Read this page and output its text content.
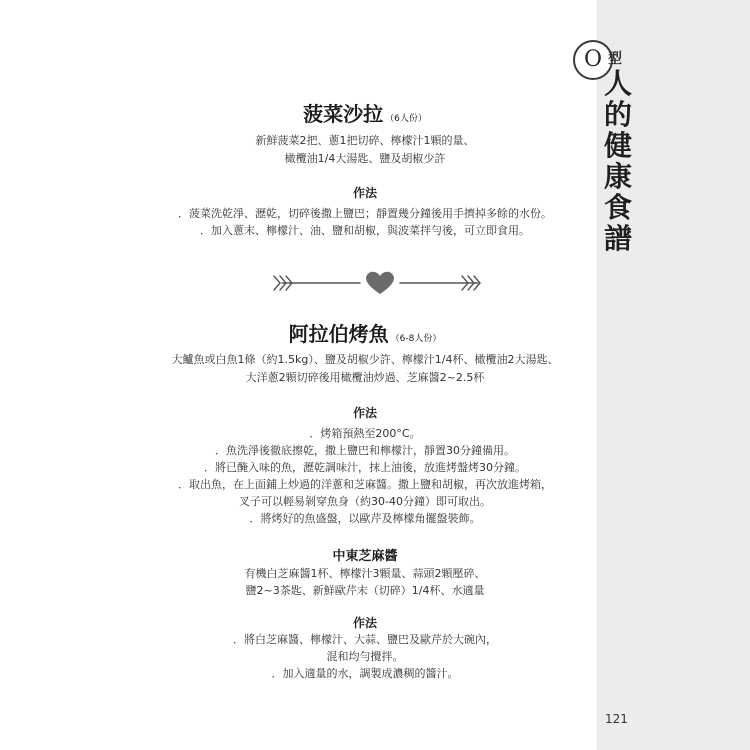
O 型
人
的
健
康
食
譜
121
菠菜沙拉 （6人份）
新鮮菠菜2把、蔥1把切碎、檸檬汁1顆的量、
橄欖油1/4大湯匙、鹽及胡椒少許
作法
．菠菜洗乾淨、瀝乾，切碎後撒上鹽巴；靜置幾分鐘後用手擠掉多餘的水份。
．加入蔥末、檸檬汁、油、鹽和胡椒，與波菜拌勻後，可立即食用。
阿拉伯烤魚 （6-8人份）
大鱸魚或白魚1條（約1.5kg）、鹽及胡椒少許、檸檬汁1/4杯、橄欖油2大湯匙、
大洋蔥2顆切碎後用橄欖油炒過、芝麻醬2~2.5杯
作法
．烤箱預熱至200°C。
．魚洗淨後徹底擦乾，撒上鹽巴和檸檬汁，靜置30分鐘備用。
．將已醃入味的魚，瀝乾調味汁，抹上油後，放進烤盤烤30分鐘。
．取出魚，在上面鋪上炒過的洋蔥和芝麻醬。撒上鹽和胡椒，再次放進烤箱，
叉子可以輕易剝穿魚身（約30-40分鐘）即可取出。
．將烤好的魚盛盤，以歐芹及檸檬角擺盤裝飾。
中東芝麻醬
有機白芝麻醬1杯、檸檬汁3顆量、蒜頭2顆壓碎、
鹽2~3茶匙、新鮮歐芹末（切碎）1/4杯、水適量
作法
．將白芝麻醬、檸檬汁、大蒜、鹽巴及歐芹於大碗內，
混和均勻攪拌。
．加入適量的水，調製成濃稠的醬汁。
